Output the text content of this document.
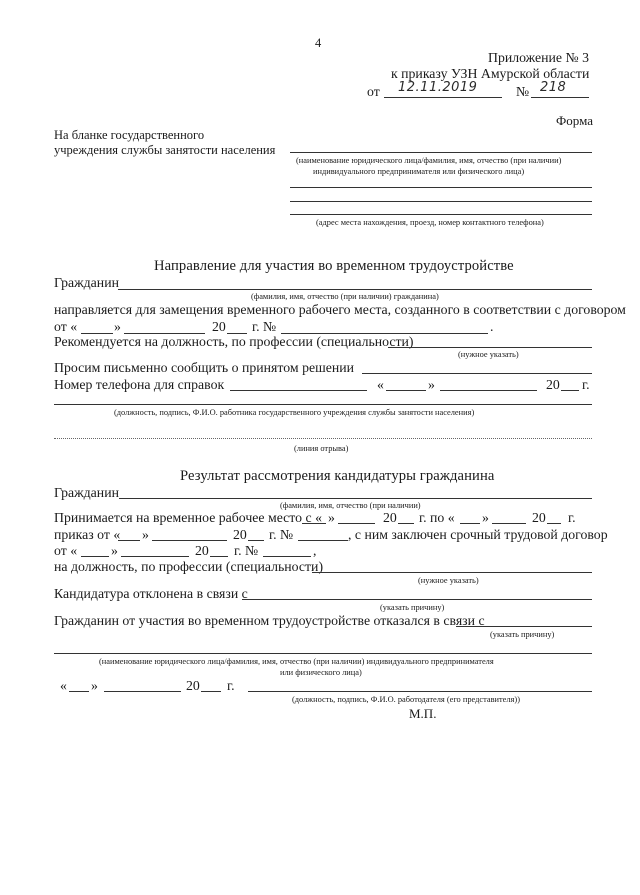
4
Приложение № 3
к приказу УЗН Амурской области
от 12.11.2019	№ 218
Форма
На бланке государственного
учреждения службы занятости населения
(наименование юридического лица/фамилия, имя, отчество (при наличии)
индивидуального предпринимателя или физического лица)
(адрес места нахождения, проезд, номер контактного телефона)
Направление для участия во временном трудоустройстве
Гражданин
(фамилия, имя, отчество (при наличии) гражданина)
направляется для замещения временного рабочего места, созданного в соответствии с договором
от «	»	20 г. №	.
Рекомендуется на должность, по профессии (специальности)
(нужное указать)
Просим письменно сообщить о принятом решении
Номер телефона для справок	«	»	20 г.
(должность, подпись, Ф.И.О. работника государственного учреждения службы занятости населения)
(линия отрыва)
Результат рассмотрения кандидатуры гражданина
Гражданин
(фамилия, имя, отчество (при наличии)
Принимается на временное рабочее место с « »	20 г. по « »	20 г.
приказ от « »	20 г. №	, с ним заключен срочный трудовой договор
от « »	20 г. №	,
на должность, по профессии (специальности)
(нужное указать)
Кандидатура отклонена в связи с
(указать причину)
Гражданин от участия во временном трудоустройстве отказался в связи с
(указать причину)
(наименование юридического лица/фамилия, имя, отчество (при наличии) индивидуального предпринимателя
или физического лица)
« »	20 г.
(должность, подпись, Ф.И.О. работодателя (его представителя))
М.П.
